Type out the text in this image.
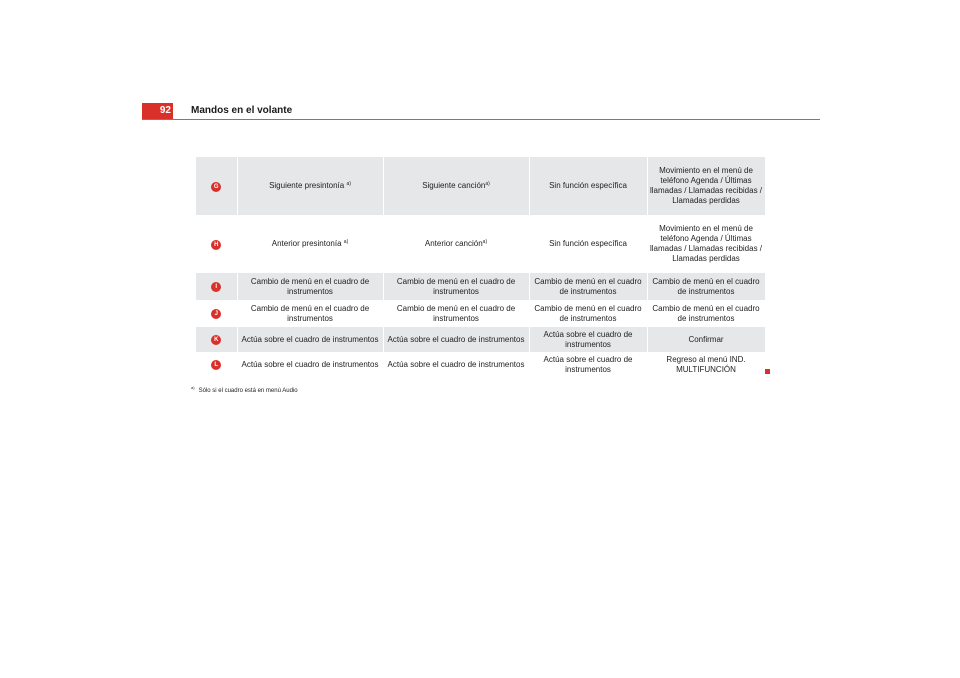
92 Mandos en el volante
G	Siguiente presintonía $^{a)}$	Siguiente canción$^{a)}$	Sin función específica	Movimiento en el menú de teléfono Agenda / Últimas llamadas / Llamadas recibidas / Llamadas perdidas
H	Anterior presintonía $^{a)}$	Anterior canción$^{a)}$	Sin función específica	Movimiento en el menú de teléfono Agenda / Últimas llamadas / Llamadas recibidas / Llamadas perdidas
I	Cambio de menú en el cuadro de instrumentos	Cambio de menú en el cuadro de instrumentos	Cambio de menú en el cuadro de instrumentos	Cambio de menú en el cuadro de instrumentos
J	Cambio de menú en el cuadro de instrumentos	Cambio de menú en el cuadro de instrumentos	Cambio de menú en el cuadro de instrumentos	Cambio de menú en el cuadro de instrumentos
K	Actúa sobre el cuadro de instrumentos	Actúa sobre el cuadro de instrumentos	Actúa sobre el cuadro de instrumentos	Confirmar
L	Actúa sobre el cuadro de instrumentos	Actúa sobre el cuadro de instrumentos	Actúa sobre el cuadro de instrumentos	Regreso al menú IND. MULTIFUNCIÓN
$^{a)}$Sólo si el cuadro está en menú Audio
